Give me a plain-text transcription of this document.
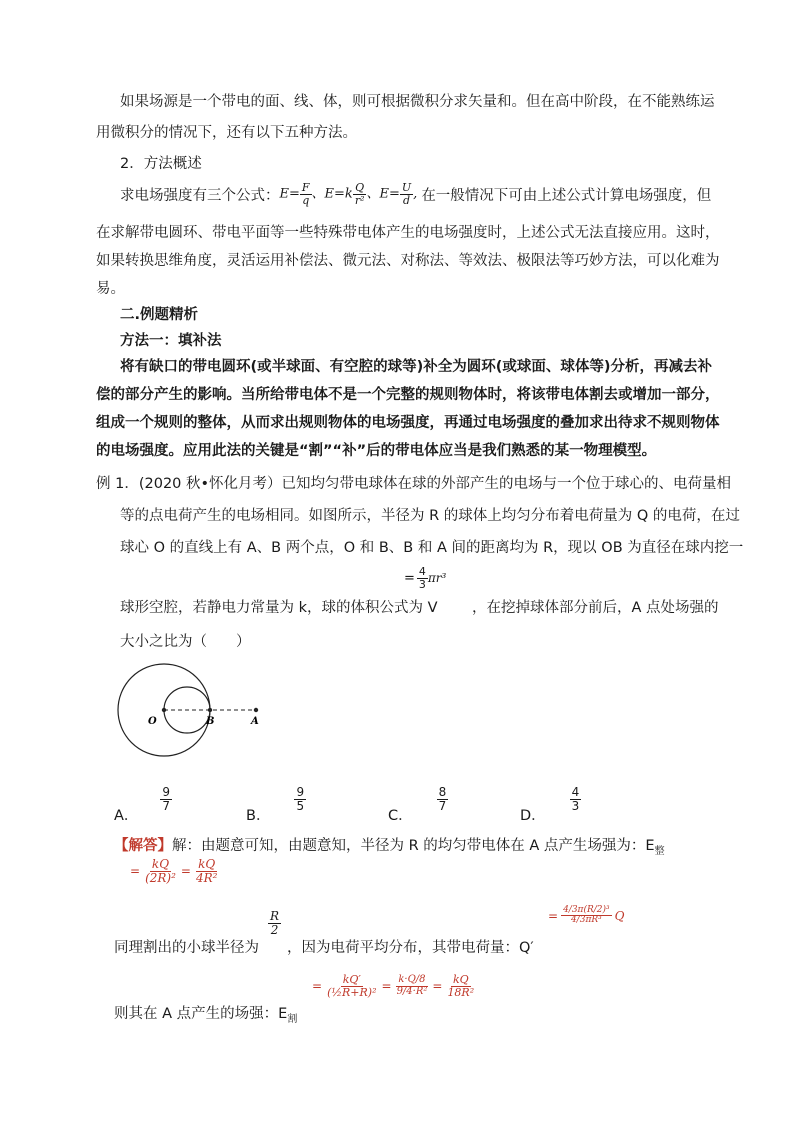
如果场源是一个带电的面、线、体，则可根据微积分求矢量和。但在高中阶段，在不能熟练运
用微积分的情况下，还有以下五种方法。
2．方法概述
求电场强度有三个公式： $E= \frac{F}{q}$ 、 $E=k \frac{Q}{\text{r²}}$ 、 $E= \frac{U}{d}$ , 在一般情况下可由上述公式计算电场强度，但
在求解带电圆环、带电平面等一些特殊带电体产生的电场强度时，上述公式无法直接应用。这时，
如果转换思维角度，灵活运用补偿法、微元法、对称法、等效法、极限法等巧妙方法，可以化难为
易。
二.例题精析
方法一：填补法
将有缺口的带电圆环(或半球面、有空腔的球等)补全为圆环(或球面、球体等)分析，再减去补
偿的部分产生的影响。当所给带电体不是一个完整的规则物体时，将该带电体割去或增加一部分，
组成一个规则的整体，从而求出规则物体的电场强度，再通过电场强度的叠加求出待求不规则物体
的电场强度。应用此法的关键是“割”“补”后的带电体应当是我们熟悉的某一物理模型。
例 1．(2020 秋•怀化月考）已知均匀带电球体在球的外部产生的电场与一个位于球心的、电荷量相
等的点电荷产生的电场相同。如图所示，半径为 R 的球体上均匀分布着电荷量为 Q 的电荷，在过
球心 O 的直线上有 A、B 两个点，O 和 B、B 和 A 间的距离均为 R，现以 OB 为直径在球内挖一
球形空腔，若静电力常量为 k，球的体积公式为 V
= $\frac{4}{3} \pi r^3$
，在挖掉球体部分前后，A 点处场强的
大小之比为（　　）
O	B	A
A．
$\frac{9}{7}$
B．
$\frac{9}{5}$
C．
$\frac{8}{7}$
D．
$\frac{4}{3}$
【解答】解：由题意可知，由题意知，半径为 R 的均匀带电体在 A 点产生场强为：$E_整$
= $\frac{kQ}{\text{(2R)²}} = \frac{kQ}{\text{4R²}}$
同理割出的小球半径为
$\frac{R}{2}$
，因为电荷平均分布，其带电荷量：Q′
= $\frac{\text{4/3π(R/2)³}}{\text{4/3πR³}}$ Q
则其在 A 点产生的场强：$E_割$
= $\frac{kQ'}{\text{(½R+R)²}} = \frac{k\cdot Q/8}{\text{9/4·R²}} = \frac{kQ}{\text{18R²}}$
